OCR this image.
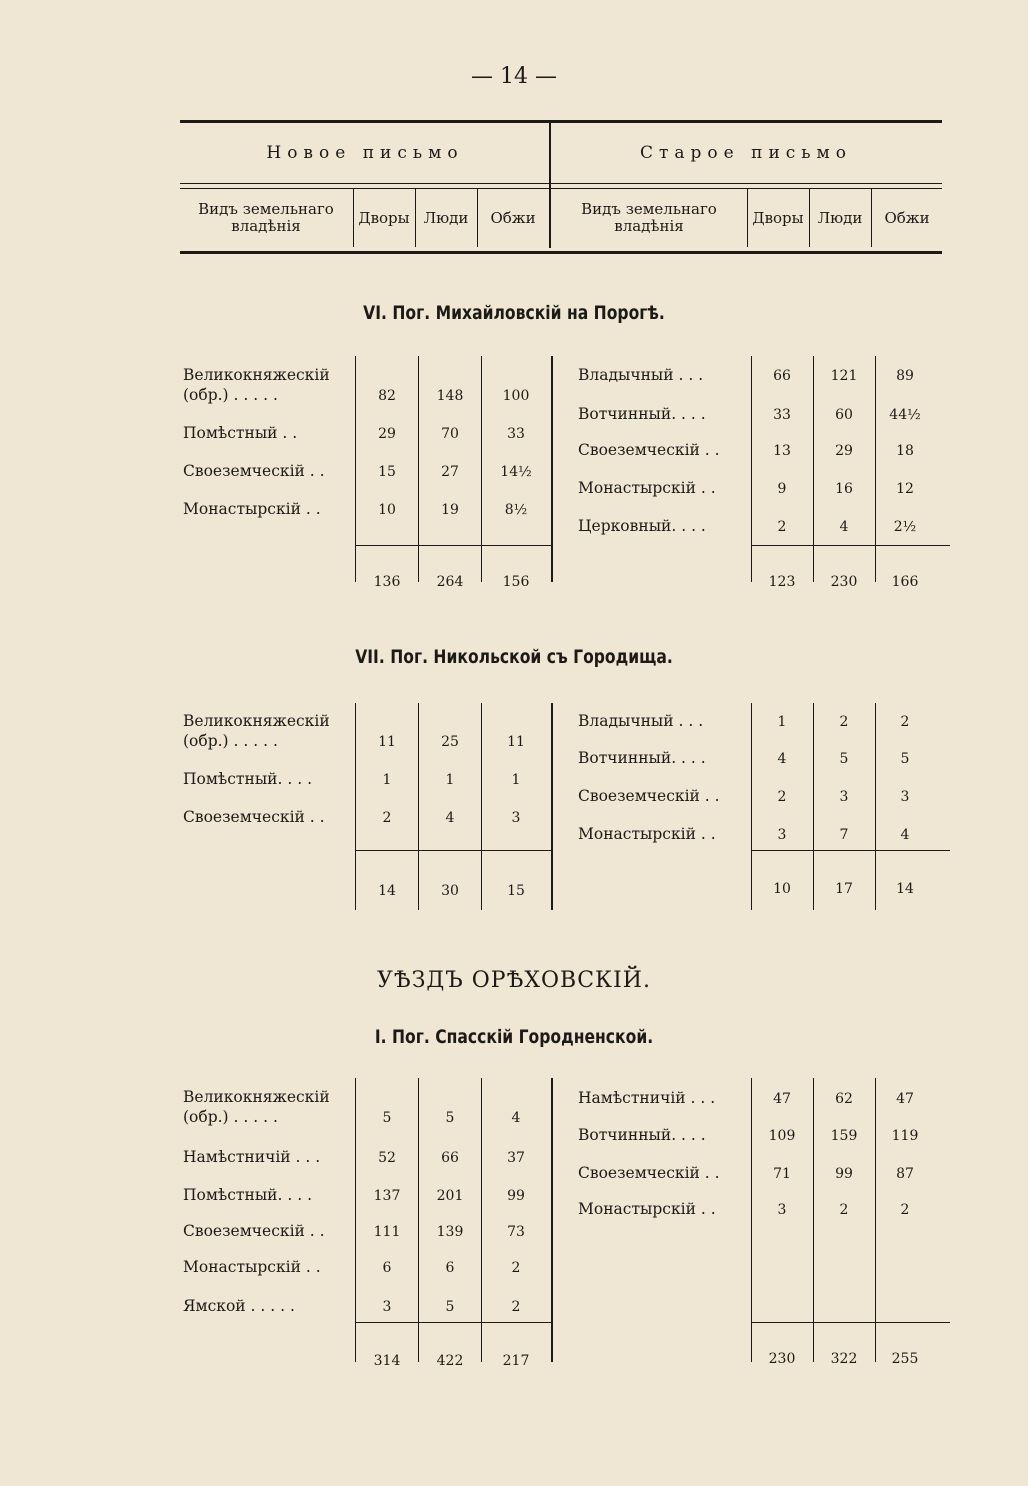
— 14 —
Новое письмо	Старое письмо
Видъ земельнаго владѣнія	Дворы Люди	Обжи	Видъ земельнаго владѣнія	Дворы Люди	Обжи
VI. Пог. Михайловскій на Порогѣ.
VII. Пог. Никольской съ Городища.
УѢЗДЪ ОРѢХОВСКІЙ.
I. Пог. Спасскій Городненской.
Великокняжескій
(обр.) . . . . .	82	148	100
Помѣстный . .	29	70	33
Своеземческій . .	15	27	14½
Монастырскій . .	10	19	8½
136	264	156
Владычный . . .	66	121	89
Вотчинный. . . .	33	60	44½
Своеземческій . .	13	29	18
Монастырскій . .	9	16	12
Церковный. . . .	2	4	2½
123	230	166
Великокняжескій
(обр.) . . . . .	11	25	11
Помѣстный. . . .	1	1	1
Своеземческій . .	2	4	3
14	30	15
Владычный . . .	1	2	2
Вотчинный. . . .	4	5	5
Своеземческій . .	2	3	3
Монастырскій . .	3	7	4
10	17	14
Великокняжескій
(обр.) . . . . .	5	5	4
Намѣстничій . . .	52	66	37
Помѣстный. . . .	137	201	99
Своеземческій . .	111	139	73
Монастырскій . .	6	6	2
Ямской . . . . .	3	5	2
314	422	217
Намѣстничій . . .	47	62	47
Вотчинный. . . .	109	159	119
Своеземческій . .	71	99	87
Монастырскій . .	3	2	2
230	322	255
